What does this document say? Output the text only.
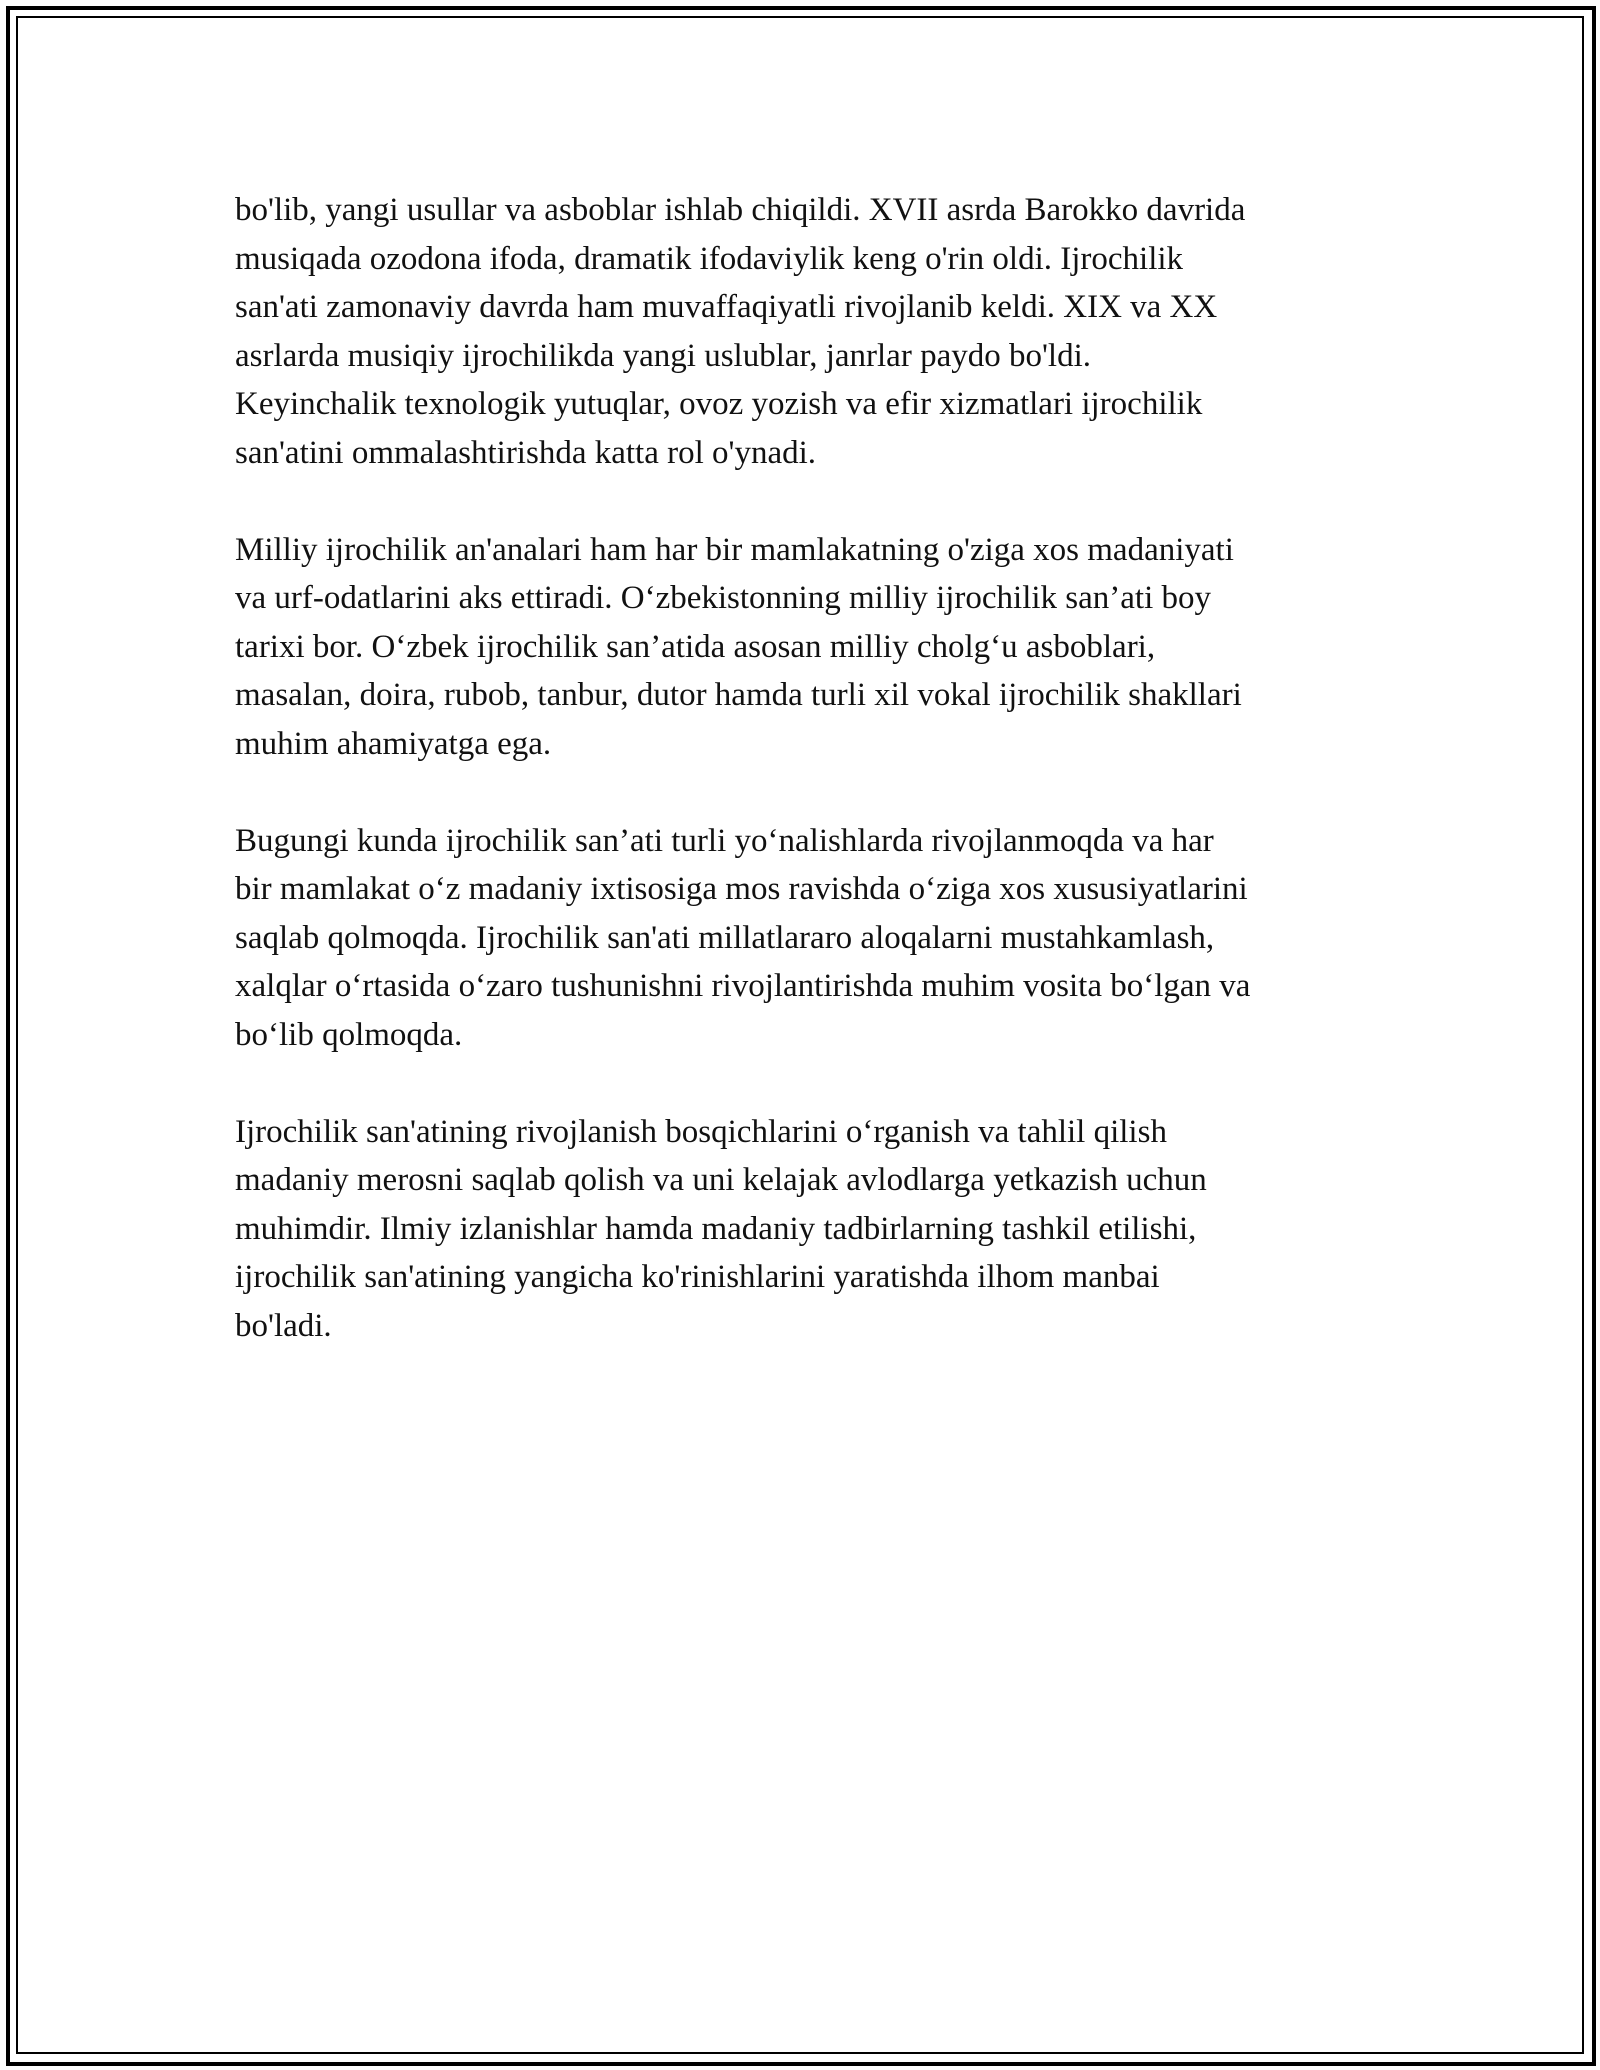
bo'lib, yangi usullar va asboblar ishlab chiqildi. XVII asrda Barokko davrida
musiqada ozodona ifoda, dramatik ifodaviylik keng o'rin oldi. Ijrochilik
san'ati zamonaviy davrda ham muvaffaqiyatli rivojlanib keldi. XIX va XX
asrlarda musiqiy ijrochilikda yangi uslublar, janrlar paydo bo'ldi.
Keyinchalik texnologik yutuqlar, ovoz yozish va efir xizmatlari ijrochilik
san'atini ommalashtirishda katta rol o'ynadi.

Milliy ijrochilik an'analari ham har bir mamlakatning o'ziga xos madaniyati
va urf-odatlarini aks ettiradi. O‘zbekistonning milliy ijrochilik san’ati boy
tarixi bor. O‘zbek ijrochilik san’atida asosan milliy cholg‘u asboblari,
masalan, doira, rubob, tanbur, dutor hamda turli xil vokal ijrochilik shakllari
muhim ahamiyatga ega.

Bugungi kunda ijrochilik san’ati turli yo‘nalishlarda rivojlanmoqda va har
bir mamlakat o‘z madaniy ixtisosiga mos ravishda o‘ziga xos xususiyatlarini
saqlab qolmoqda. Ijrochilik san'ati millatlararo aloqalarni mustahkamlash,
xalqlar o‘rtasida o‘zaro tushunishni rivojlantirishda muhim vosita bo‘lgan va
bo‘lib qolmoqda.

Ijrochilik san'atining rivojlanish bosqichlarini o‘rganish va tahlil qilish
madaniy merosni saqlab qolish va uni kelajak avlodlarga yetkazish uchun
muhimdir. Ilmiy izlanishlar hamda madaniy tadbirlarning tashkil etilishi,
ijrochilik san'atining yangicha ko'rinishlarini yaratishda ilhom manbai
bo'ladi.
